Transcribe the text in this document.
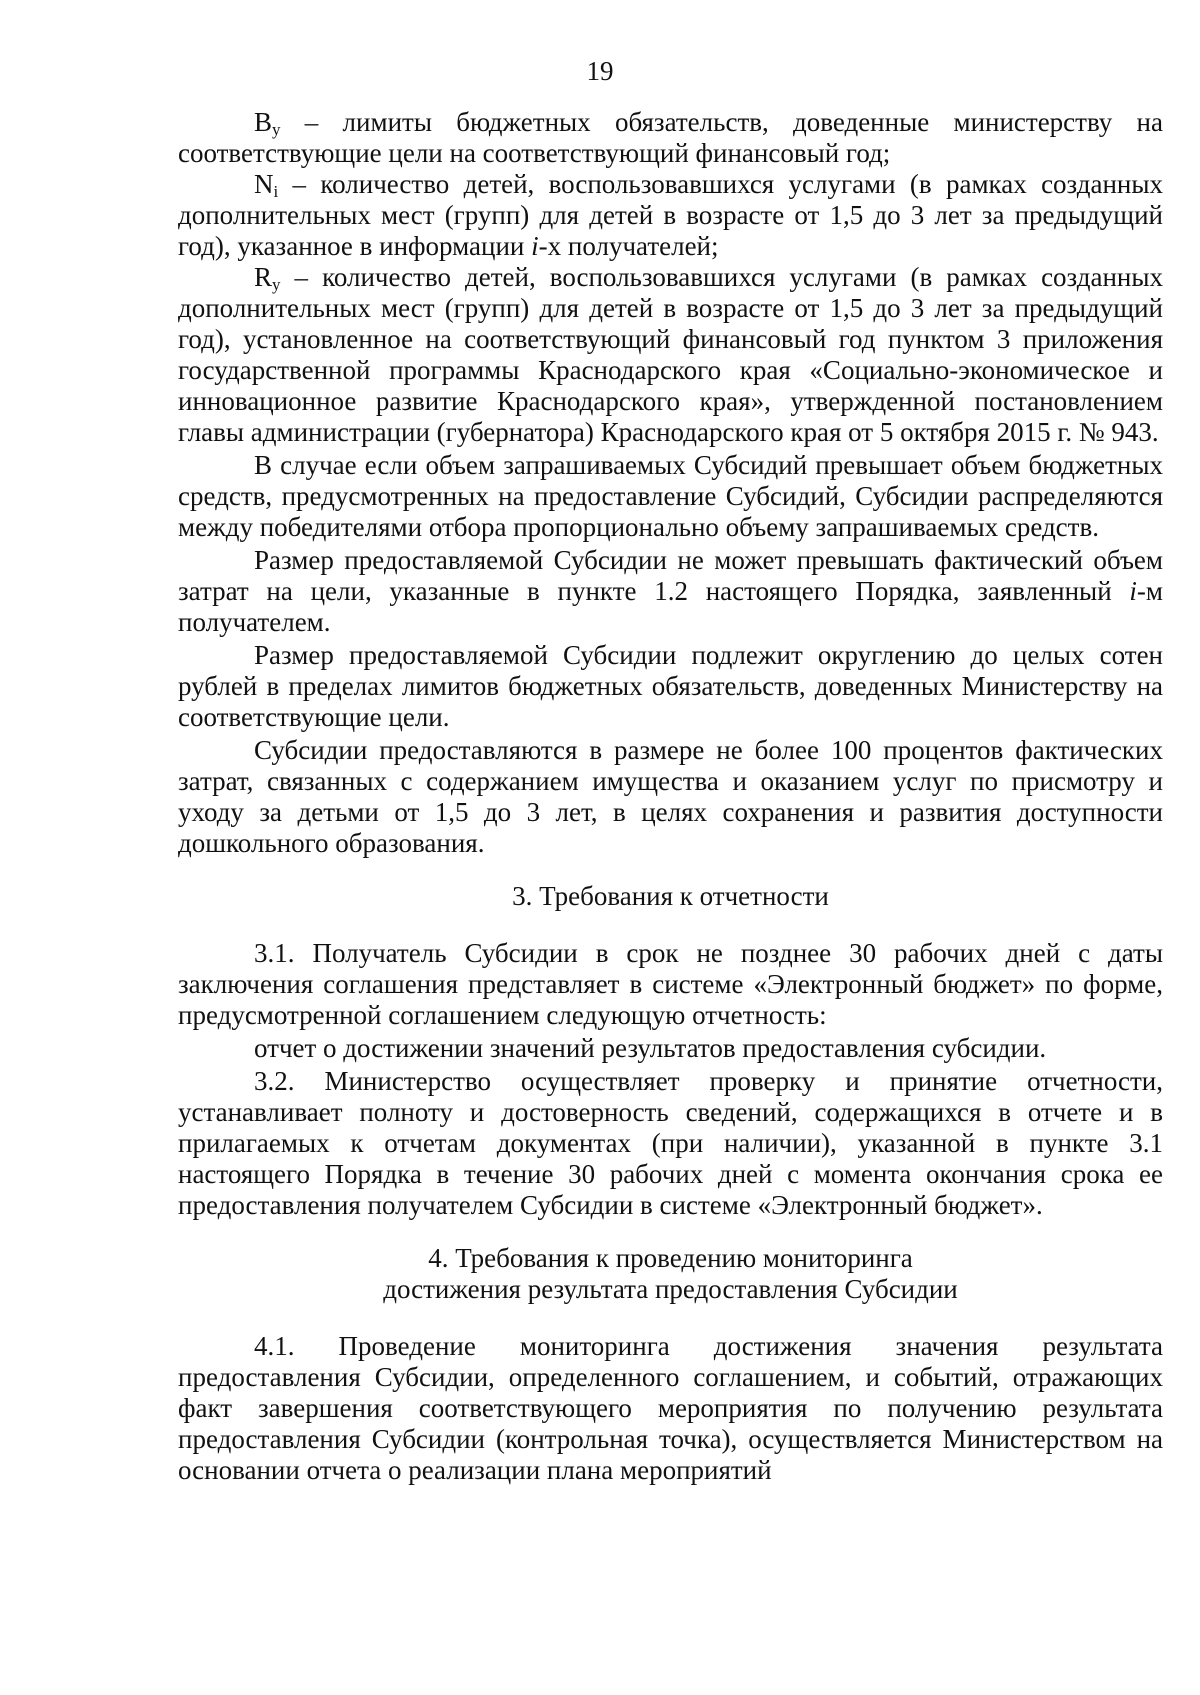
19

$B_y$ – лимиты бюджетных обязательств, доведенные министерству на соответствующие цели на соответствующий финансовый год;

$N_i$ – количество детей, воспользовавшихся услугами (в рамках созданных дополнительных мест (групп) для детей в возрасте от 1,5 до 3 лет за предыдущий год), указанное в информации i-х получателей;

$R_y$ – количество детей, воспользовавшихся услугами (в рамках созданных дополнительных мест (групп) для детей в возрасте от 1,5 до 3 лет за предыдущий год), установленное на соответствующий финансовый год пунктом 3 приложения государственной программы Краснодарского края «Социально-экономическое и инновационное развитие Краснодарского края», утвержденной постановлением главы администрации (губернатора) Краснодарского края от 5 октября 2015 г. № 943.

В случае если объем запрашиваемых Субсидий превышает объем бюджетных средств, предусмотренных на предоставление Субсидий, Субсидии распределяются между победителями отбора пропорционально объему запрашиваемых средств.

Размер предоставляемой Субсидии не может превышать фактический объем затрат на цели, указанные в пункте 1.2 настоящего Порядка, заявленный i-м получателем.

Размер предоставляемой Субсидии подлежит округлению до целых сотен рублей в пределах лимитов бюджетных обязательств, доведенных Министерству на соответствующие цели.

Субсидии предоставляются в размере не более 100 процентов фактических затрат, связанных с содержанием имущества и оказанием услуг по присмотру и уходу за детьми от 1,5 до 3 лет, в целях сохранения и развития доступности дошкольного образования.

3. Требования к отчетности

3.1. Получатель Субсидии в срок не позднее 30 рабочих дней с даты заключения соглашения представляет в системе «Электронный бюджет» по форме, предусмотренной соглашением следующую отчетность:

отчет о достижении значений результатов предоставления субсидии.

3.2. Министерство осуществляет проверку и принятие отчетности, устанавливает полноту и достоверность сведений, содержащихся в отчете и в прилагаемых к отчетам документах (при наличии), указанной в пункте 3.1 настоящего Порядка в течение 30 рабочих дней с момента окончания срока ее предоставления получателем Субсидии в системе «Электронный бюджет».

4. Требования к проведению мониторинга
достижения результата предоставления Субсидии

4.1. Проведение мониторинга достижения значения результата предоставления Субсидии, определенного соглашением, и событий, отражающих факт завершения соответствующего мероприятия по получению результата предоставления Субсидии (контрольная точка), осуществляется Министерством на основании отчета о реализации плана мероприятий
